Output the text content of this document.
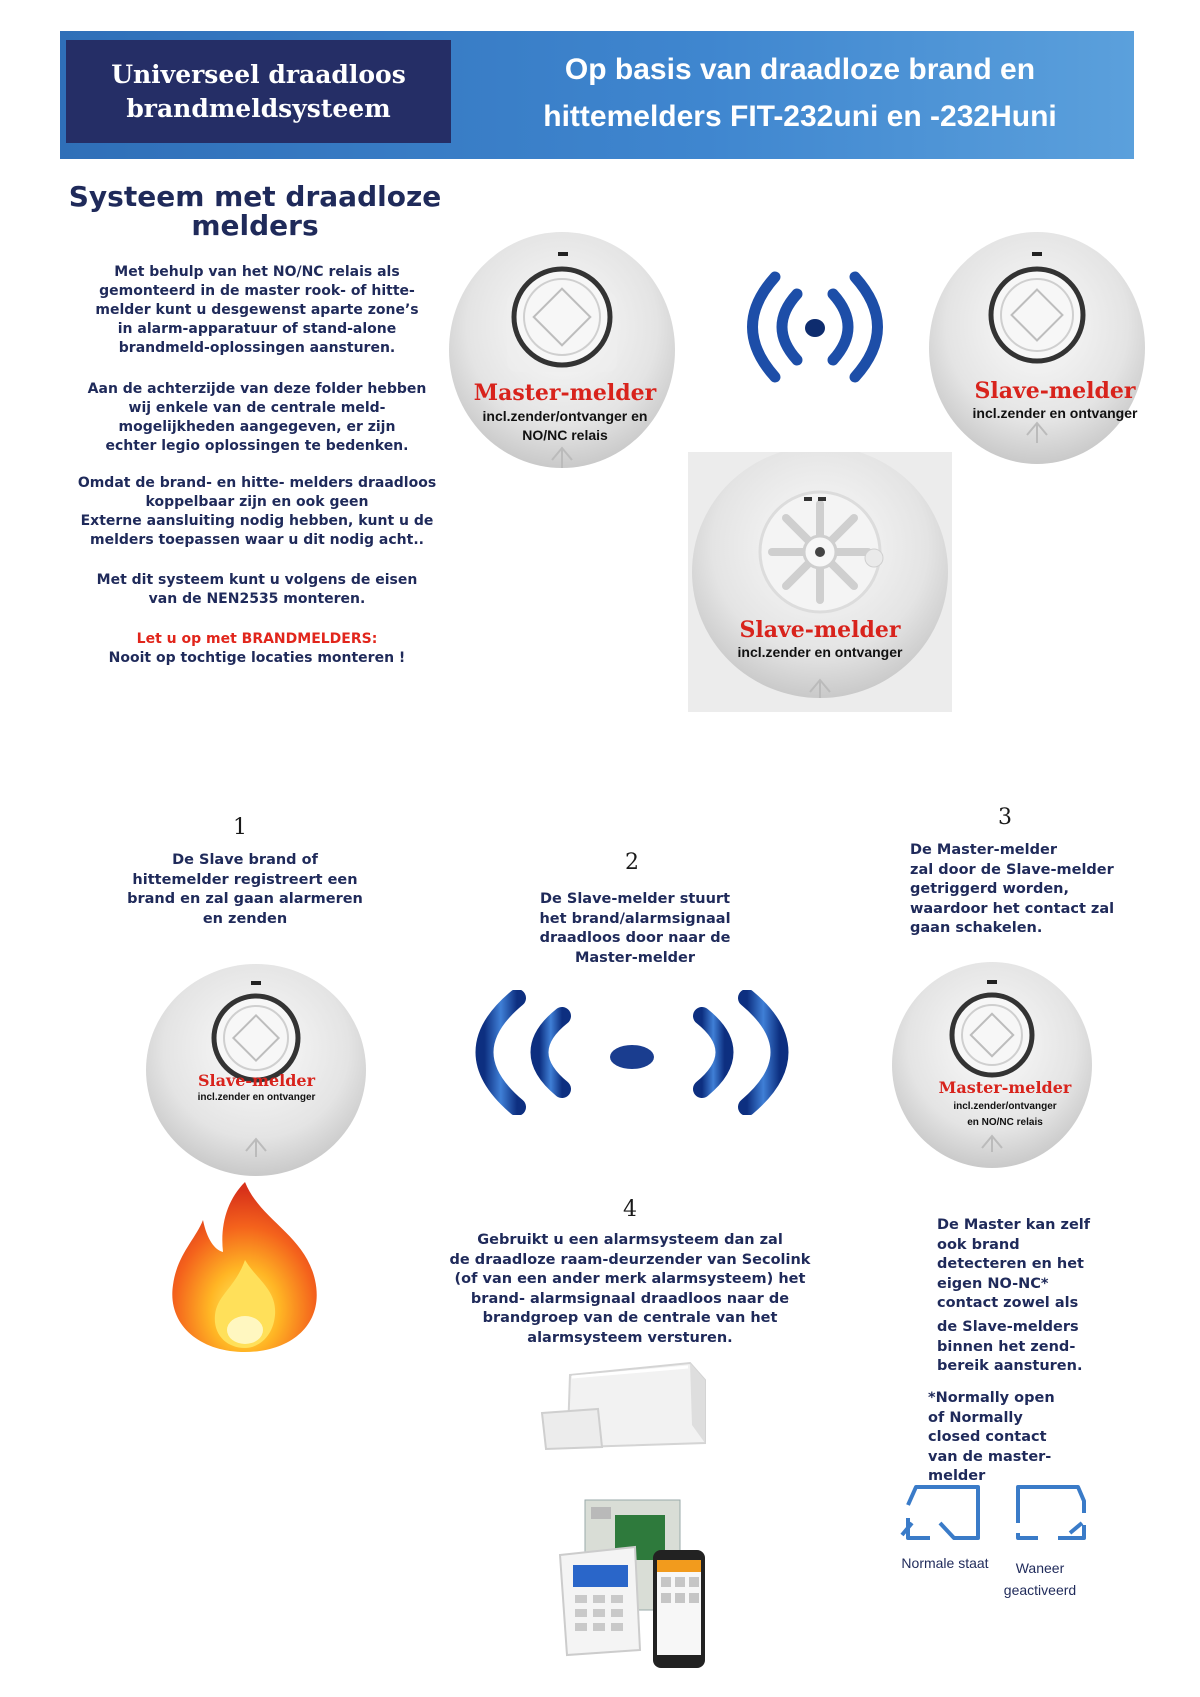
Universeel draadloos
brandmeldsysteem
Op basis van draadloze brand en
hittemelders FIT-232uni en -232Huni
Systeem met draadloze
melders
Met behulp van het NO/NC relais als
gemonteerd in de master rook- of hitte-
melder kunt u desgewenst aparte zone’s
in alarm-apparatuur of stand-alone
brandmeld-oplossingen aansturen.
Aan de achterzijde van deze folder hebben
wij enkele van de centrale meld-
mogelijkheden aangegeven, er zijn
echter legio oplossingen te bedenken.
Omdat de brand- en hitte- melders draadloos
koppelbaar zijn en ook geen
Externe aansluiting nodig hebben, kunt u de
melders toepassen waar u dit nodig acht..
Met dit systeem kunt u volgens de eisen
van de NEN2535 monteren.
Let u op met BRANDMELDERS:
Nooit op tochtige locaties monteren !
Master-melder
incl.zender/ontvanger en
NO/NC relais
Slave-melder
incl.zender en ontvanger
Slave-melder
incl.zender en ontvanger
1
De Slave brand of
hittemelder registreert een
brand en zal gaan alarmeren
en zenden
Slave-melder
incl.zender en ontvanger
2
De Slave-melder stuurt
het brand/alarmsignaal
draadloos door naar de
Master-melder
3
De Master-melder
zal door de Slave-melder
getriggerd worden,
waardoor het contact zal
gaan schakelen.
Master-melder
incl.zender/ontvanger
en NO/NC relais
4
Gebruikt u een alarmsysteem dan zal
de draadloze raam-deurzender van Secolink
(of van een ander merk alarmsysteem) het
brand- alarmsignaal draadloos naar de
brandgroep van de centrale van het
alarmsysteem versturen.
De Master kan zelf
ook brand
detecteren en het
eigen NO-NC*
contact zowel als
de Slave-melders
binnen het zend-
bereik aansturen.
*Normally open
of Normally
closed contact
van de master-
melder
Normale staat	Waneer
geactiveerd
